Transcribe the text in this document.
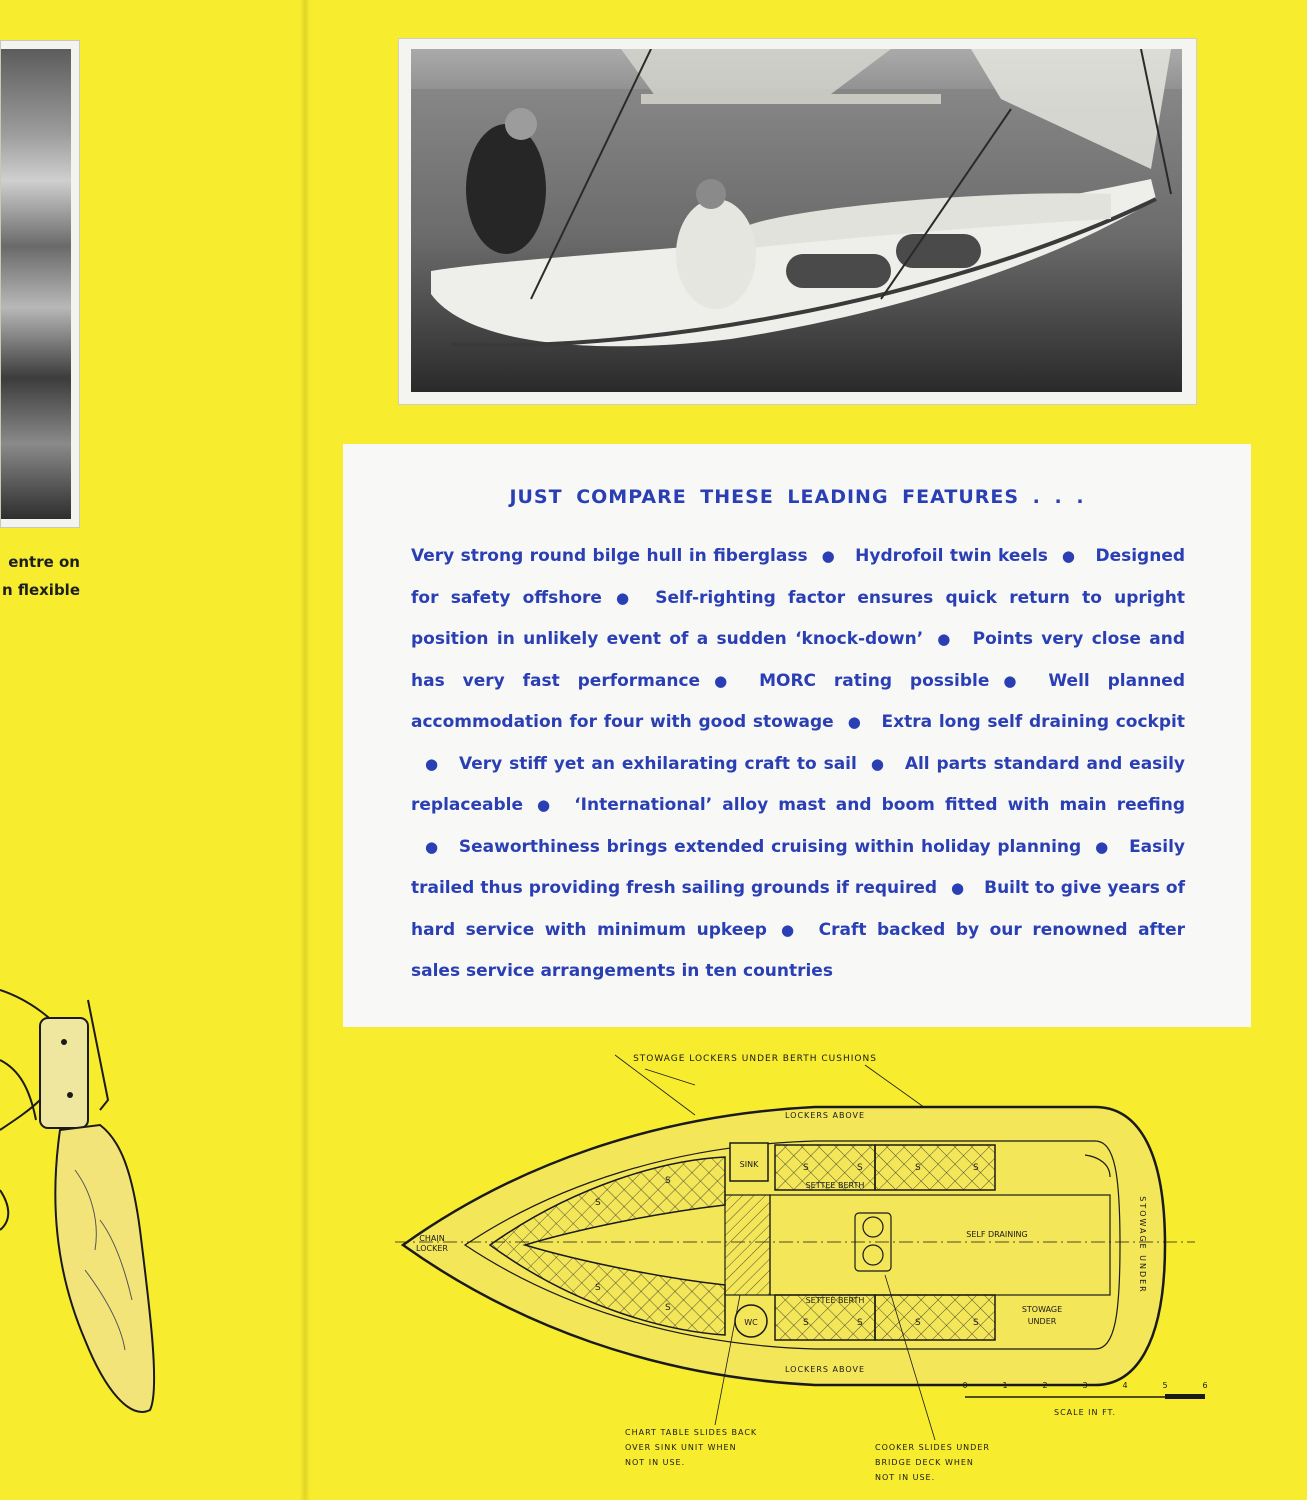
entre on
n flexible
JUST COMPARE THESE LEADING FEATURES . . .
Very strong round bilge hull in fiberglass ● Hydrofoil twin keels ● Designed for safety offshore ● Self-righting factor ensures quick return to upright position in unlikely event of a sudden ‘knock-down’ ● Points very close and has very fast performance ● MORC rating possible ● Well planned accommodation for four with good stowage ● Extra long self draining cockpit● Very stiff yet an exhilarating craft to sail ● All parts standard and easily replaceable ● ‘International’ alloy mast and boom fitted with main reefing● Seaworthiness brings extended cruising within holiday planning ● Easily trailed thus providing fresh sailing grounds if required ● Built to give years of hard service with minimum upkeep ● Craft backed by our renowned after sales service arrangements in ten countries
STOWAGE LOCKERS UNDER BERTH CUSHIONS
SINK
WC
LOCKERS ABOVE
LOCKERS ABOVE
SETTEE BERTH
SETTEE BERTH
CHAIN
LOCKER
SELF DRAINING
STOWAGE
UNDER
STOWAGE UNDER
S
S
S
S
S	S	S	S
S	S	S	S
CHART TABLE SLIDES BACK
OVER SINK UNIT WHEN
NOT IN USE.
COOKER SLIDES UNDER
BRIDGE DECK WHEN
NOT IN USE.
0	1	2	3	4	5	6
SCALE IN FT.
